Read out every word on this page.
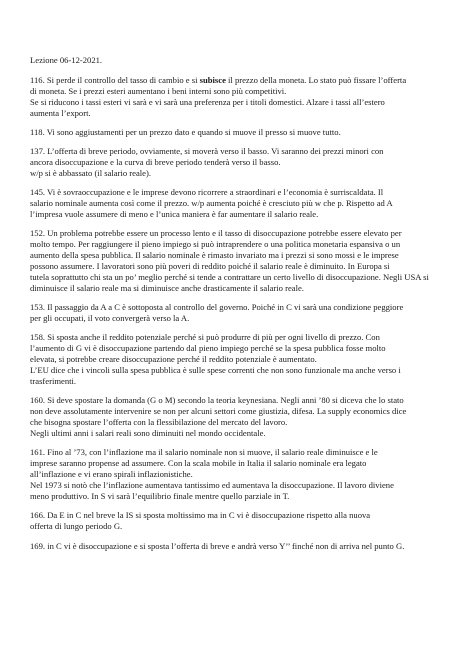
Lezione 06-12-2021.
116. Si perde il controllo del tasso di cambio e si subisce il prezzo della moneta. Lo stato può fissare l’offerta
di moneta. Se i prezzi esteri aumentano i beni interni sono più competitivi.
Se si riducono i tassi esteri vi sarà e vi sarà una preferenza per i titoli domestici. Alzare i tassi all’estero
aumenta l’export.
118. Vi sono aggiustamenti per un prezzo dato e quando si muove il presso si muove tutto.
137. L’offerta di breve periodo, ovviamente, si moverà verso il basso. Vi saranno dei prezzi minori con
ancora disoccupazione e la curva di breve periodo tenderà verso il basso.
w/p si è abbassato (il salario reale).
145. Vi è sovraoccupazione e le imprese devono ricorrere a straordinari e l’economia è surriscaldata. Il
salario nominale aumenta così come il prezzo. w/p aumenta poiché è cresciuto più w che p. Rispetto ad A
l’impresa vuole assumere di meno e l’unica maniera è far aumentare il salario reale.
152. Un problema potrebbe essere un processo lento e il tasso di disoccupazione potrebbe essere elevato per
molto tempo. Per raggiungere il pieno impiego si può intraprendere o una politica monetaria espansiva o un
aumento della spesa pubblica. Il salario nominale è rimasto invariato ma i prezzi si sono mossi e le imprese
possono assumere. I lavoratori sono più poveri di reddito poiché il salario reale è diminuito. In Europa si
tutela soprattutto chi sta un po’ meglio perché si tende a contrattare un certo livello di disoccupazione. Negli USA si
diminuisce il salario reale ma si diminuisce anche drasticamente il salario reale.
153. Il passaggio da A a C è sottoposta al controllo del governo. Poiché in C vi sarà una condizione peggiore
per gli occupati, il voto convergerà verso la A.
158. Si sposta anche il reddito potenziale perché si può produrre di più per ogni livello di prezzo. Con
l’aumento di G vi è disoccupazione partendo dal pieno impiego perché se la spesa pubblica fosse molto
elevata, si potrebbe creare disoccupazione perché il reddito potenziale è aumentato.
L’EU dice che i vincoli sulla spesa pubblica è sulle spese correnti che non sono funzionale ma anche verso i
trasferimenti.
160. Si deve spostare la domanda (G o M) secondo la teoria keynesiana. Negli anni ’80 si diceva che lo stato
non deve assolutamente intervenire se non per alcuni settori come giustizia, difesa. La supply economics dice
che bisogna spostare l’offerta con la flessibilazione del mercato del lavoro.
Negli ultimi anni i salari reali sono diminuiti nel mondo occidentale.
161. Fino al ’73, con l’inflazione ma il salario nominale non si muove, il salario reale diminuisce e le
imprese saranno propense ad assumere. Con la scala mobile in Italia il salario nominale era legato
all’inflazione e vi erano spirali inflazionistiche.
Nel 1973 si notò che l’inflazione aumentava tantissimo ed aumentava la disoccupazione. Il lavoro diviene
meno produttivo. In S vi sarà l’equilibrio finale mentre quello parziale in T.
166. Da E in C nel breve la IS si sposta moltissimo ma in C vi è disoccupazione rispetto alla nuova
offerta di lungo periodo G.
169. in C vi è disoccupazione e si sposta l’offerta di breve e andrà verso Y’’ finché non di arriva nel punto G.
